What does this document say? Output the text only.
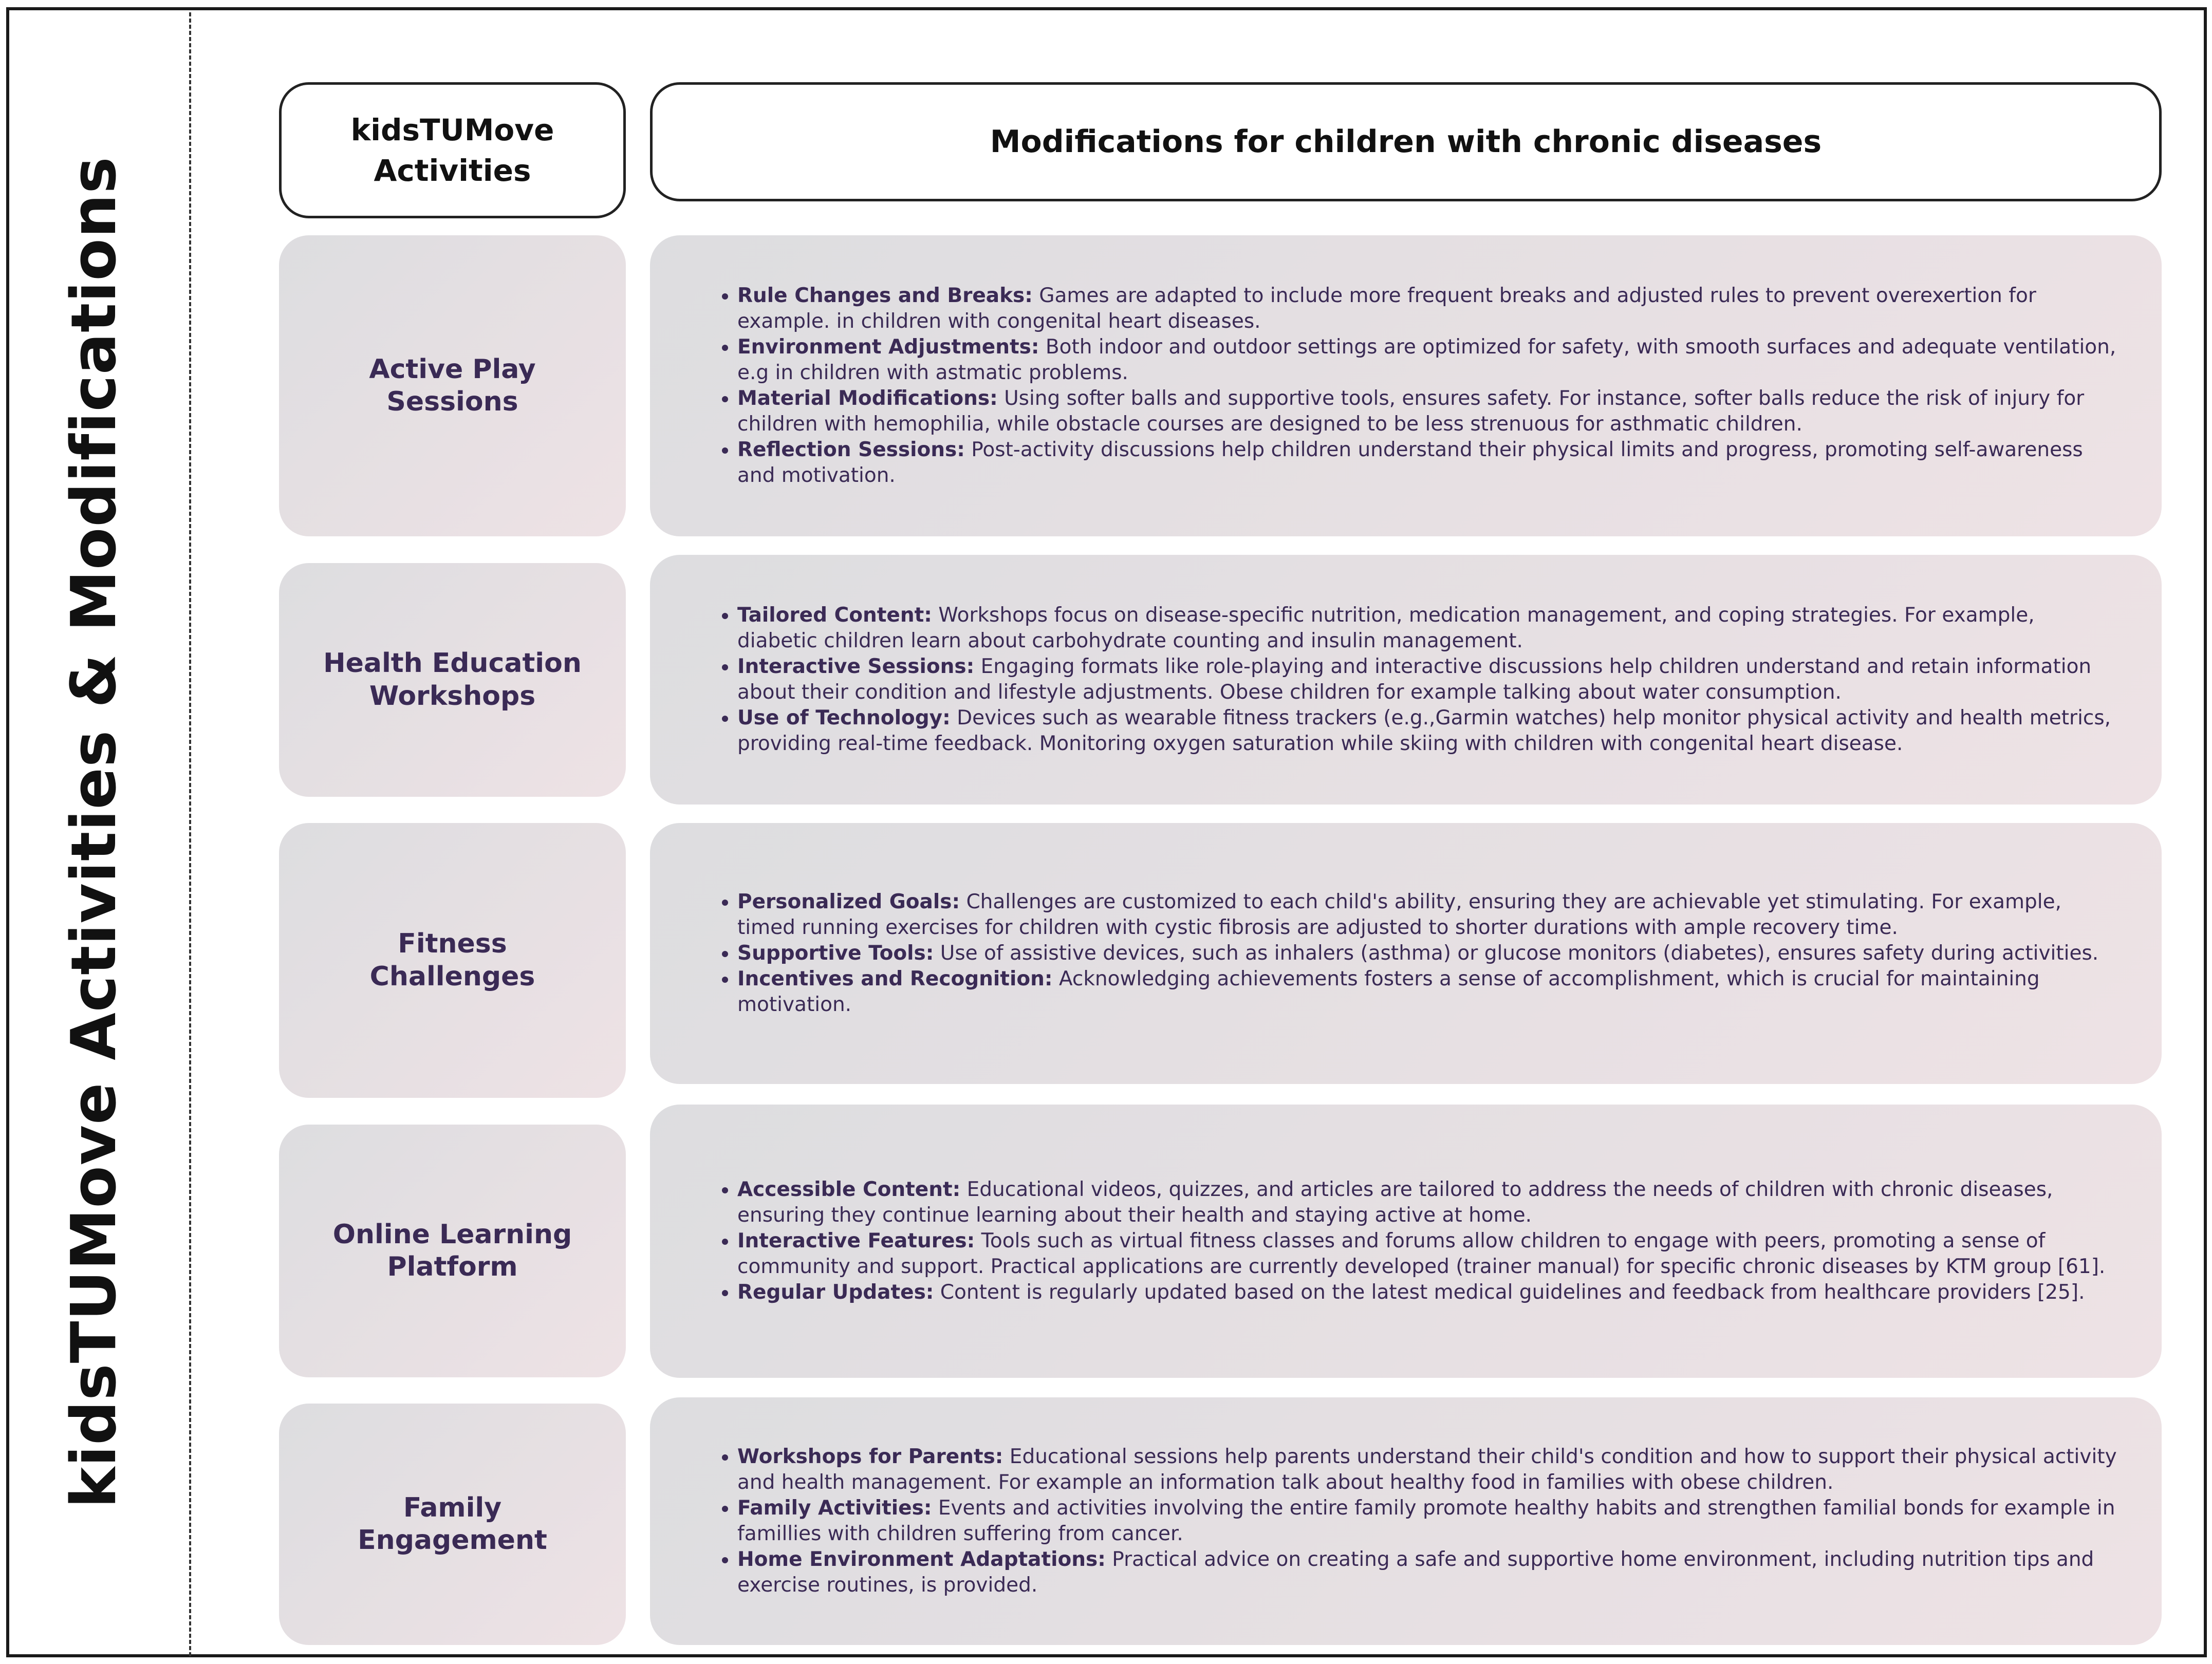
kidsTUMove Activities & Modifications
kidsTUMove Activities
Modifications for children with chronic diseases
Active Play Sessions
• Rule Changes and Breaks: Games are adapted to include more frequent breaks and adjusted rules to prevent overexertion for example. in children with congenital heart diseases.
• Environment Adjustments: Both indoor and outdoor settings are optimized for safety, with smooth surfaces and adequate ventilation, e.g in children with astmatic problems.
• Material Modifications: Using softer balls and supportive tools, ensures safety. For instance, softer balls reduce the risk of injury for children with hemophilia, while obstacle courses are designed to be less strenuous for asthmatic children.
• Reflection Sessions: Post-activity discussions help children understand their physical limits and progress, promoting self-awareness and motivation.
Health Education Workshops
• Tailored Content: Workshops focus on disease-specific nutrition, medication management, and coping strategies. For example, diabetic children learn about carbohydrate counting and insulin management.
• Interactive Sessions: Engaging formats like role-playing and interactive discussions help children understand and retain information about their condition and lifestyle adjustments. Obese children for example talking about water consumption.
• Use of Technology: Devices such as wearable fitness trackers (e.g.,Garmin watches) help monitor physical activity and health metrics, providing real-time feedback. Monitoring oxygen saturation while skiing with children with congenital heart disease.
Fitness Challenges
• Personalized Goals: Challenges are customized to each child's ability, ensuring they are achievable yet stimulating. For example, timed running exercises for children with cystic fibrosis are adjusted to shorter durations with ample recovery time.
• Supportive Tools: Use of assistive devices, such as inhalers (asthma) or glucose monitors (diabetes), ensures safety during activities.
• Incentives and Recognition: Acknowledging achievements fosters a sense of accomplishment, which is crucial for maintaining motivation.
Online Learning Platform
• Accessible Content: Educational videos, quizzes, and articles are tailored to address the needs of children with chronic diseases, ensuring they continue learning about their health and staying active at home.
• Interactive Features: Tools such as virtual fitness classes and forums allow children to engage with peers, promoting a sense of community and support. Practical applications are currently developed (trainer manual) for specific chronic diseases by KTM group [61].
• Regular Updates: Content is regularly updated based on the latest medical guidelines and feedback from healthcare providers [25].
Family Engagement
• Workshops for Parents: Educational sessions help parents understand their child's condition and how to support their physical activity and health management. For example an information talk about healthy food in families with obese children.
• Family Activities: Events and activities involving the entire family promote healthy habits and strengthen familial bonds for example in famillies with children suffering from cancer.
• Home Environment Adaptations: Practical advice on creating a safe and supportive home environment, including nutrition tips and exercise routines, is provided.
